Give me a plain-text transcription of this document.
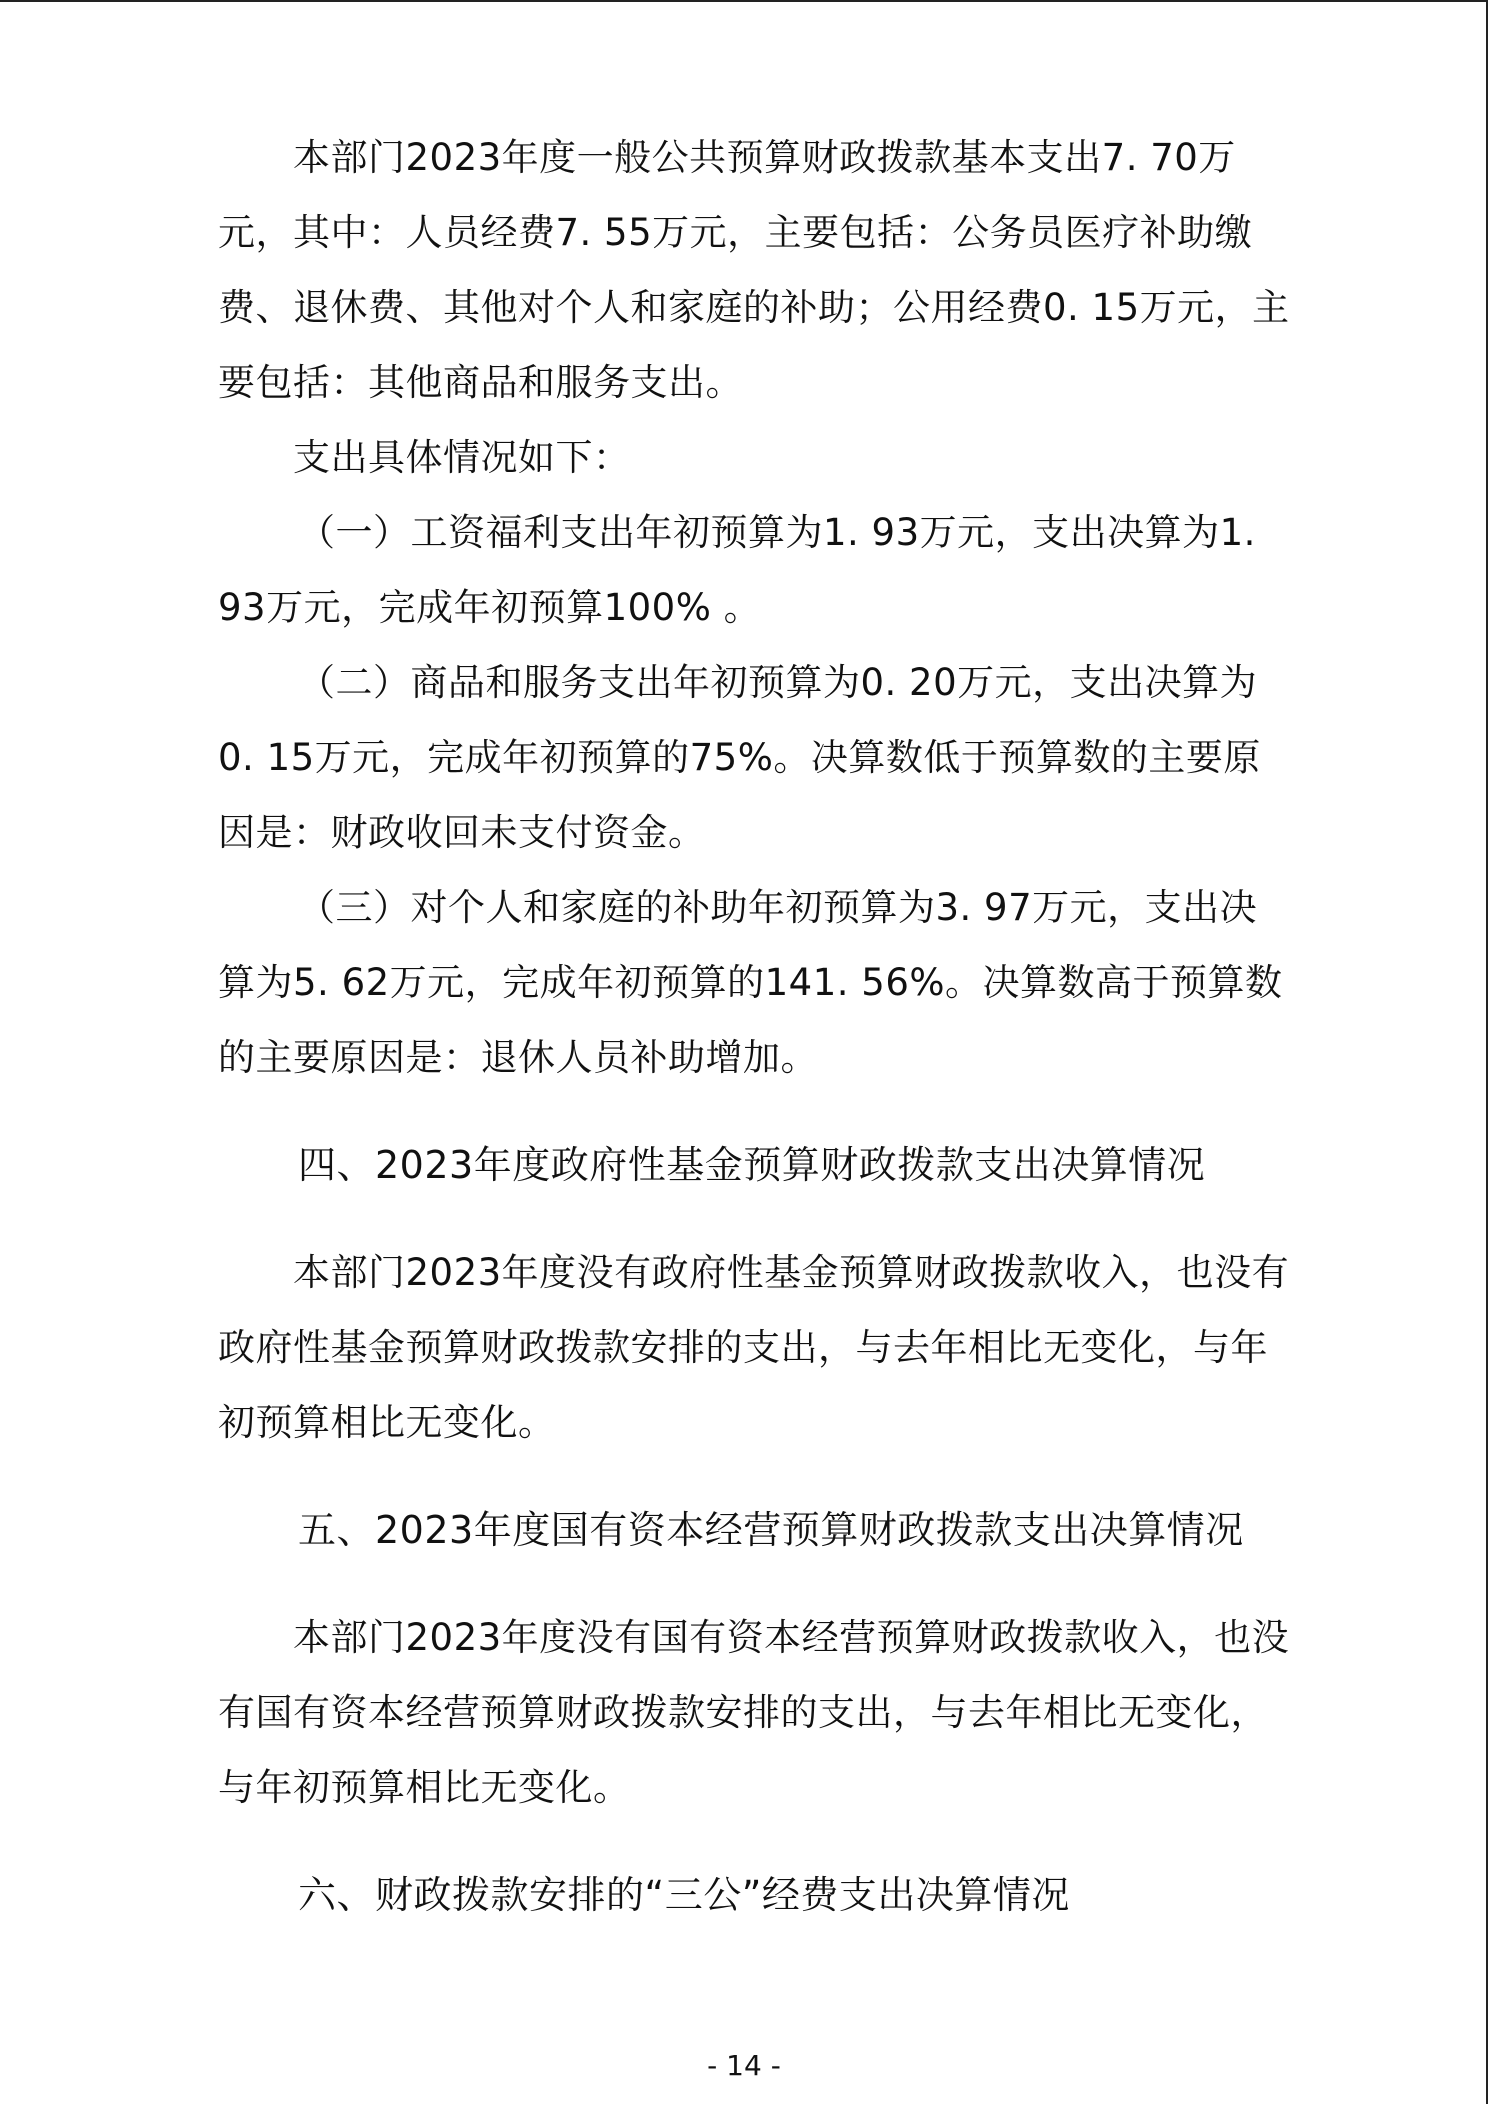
本部门2023年度一般公共预算财政拨款基本支出7. 70万元，其中：人员经费7. 55万元，主要包括：公务员医疗补助缴费、退休费、其他对个人和家庭的补助；公用经费0. 15万元，主要包括：其他商品和服务支出。

支出具体情况如下：

（一）工资福利支出年初预算为1. 93万元，支出决算为1. 93万元，完成年初预算100% 。

（二）商品和服务支出年初预算为0. 20万元，支出决算为0. 15万元，完成年初预算的75%。决算数低于预算数的主要原因是：财政收回未支付资金。

（三）对个人和家庭的补助年初预算为3. 97万元，支出决算为5. 62万元，完成年初预算的141. 56%。决算数高于预算数的主要原因是：退休人员补助增加。

四、2023年度政府性基金预算财政拨款支出决算情况

本部门2023年度没有政府性基金预算财政拨款收入，也没有政府性基金预算财政拨款安排的支出，与去年相比无变化，与年初预算相比无变化。

五、2023年度国有资本经营预算财政拨款支出决算情况

本部门2023年度没有国有资本经营预算财政拨款收入，也没有国有资本经营预算财政拨款安排的支出，与去年相比无变化，与年初预算相比无变化。

六、财政拨款安排的“三公”经费支出决算情况
- 14 -
